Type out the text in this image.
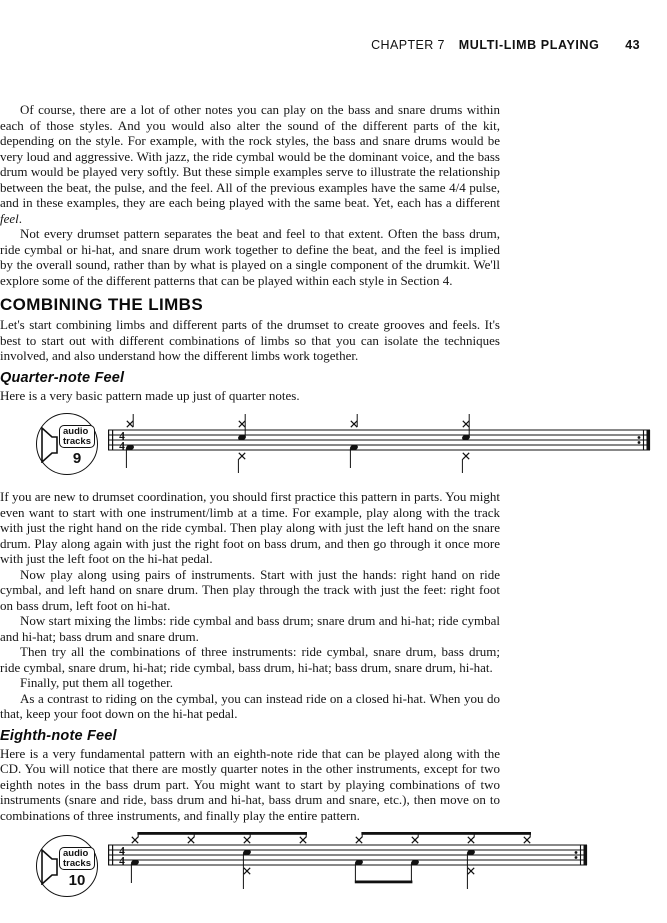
CHAPTER 7 MULTI-LIMB PLAYING 43

Of course, there are a lot of other notes you can play on the bass and snare drums within each of those styles. And you would also alter the sound of the different parts of the kit, depending on the style. For example, with the rock styles, the bass and snare drums would be very loud and aggressive. With jazz, the ride cymbal would be the dominant voice, and the bass drum would be played very softly. But these simple examples serve to illustrate the relationship between the beat, the pulse, and the feel. All of the previous examples have the same 4/4 pulse, and in these examples, they are each being played with the same beat. Yet, each has a different feel.

Not every drumset pattern separates the beat and feel to that extent. Often the bass drum, ride cymbal or hi-hat, and snare drum work together to define the beat, and the feel is implied by the overall sound, rather than by what is played on a single component of the drumkit. We'll explore some of the different patterns that can be played within each style in Section 4.

COMBINING THE LIMBS

Let's start combining limbs and different parts of the drumset to create grooves and feels. It's best to start out with different combinations of limbs so that you can isolate the techniques involved, and also understand how the different limbs work together.

Quarter-note Feel

Here is a very basic pattern made up just of quarter notes.

audio
tracks
9
4
4

If you are new to drumset coordination, you should first practice this pattern in parts. You might even want to start with one instrument/limb at a time. For example, play along with the track with just the right hand on the ride cymbal. Then play along with just the left hand on the snare drum. Play along again with just the right foot on bass drum, and then go through it once more with just the left foot on the hi-hat pedal.

Now play along using pairs of instruments. Start with just the hands: right hand on ride cymbal, and left hand on snare drum. Then play through the track with just the feet: right foot on bass drum, left foot on hi-hat.

Now start mixing the limbs: ride cymbal and bass drum; snare drum and hi-hat; ride cymbal and hi-hat; bass drum and snare drum.

Then try all the combinations of three instruments: ride cymbal, snare drum, bass drum; ride cymbal, snare drum, hi-hat; ride cymbal, bass drum, hi-hat; bass drum, snare drum, hi-hat.

Finally, put them all together.

As a contrast to riding on the cymbal, you can instead ride on a closed hi-hat. When you do that, keep your foot down on the hi-hat pedal.

Eighth-note Feel

Here is a very fundamental pattern with an eighth-note ride that can be played along with the CD. You will notice that there are mostly quarter notes in the other instruments, except for two eighth notes in the bass drum part. You might want to start by playing combinations of two instruments (snare and ride, bass drum and hi-hat, bass drum and snare, etc.), then move on to combinations of three instruments, and finally play the entire pattern.

audio
tracks
10
4
4
